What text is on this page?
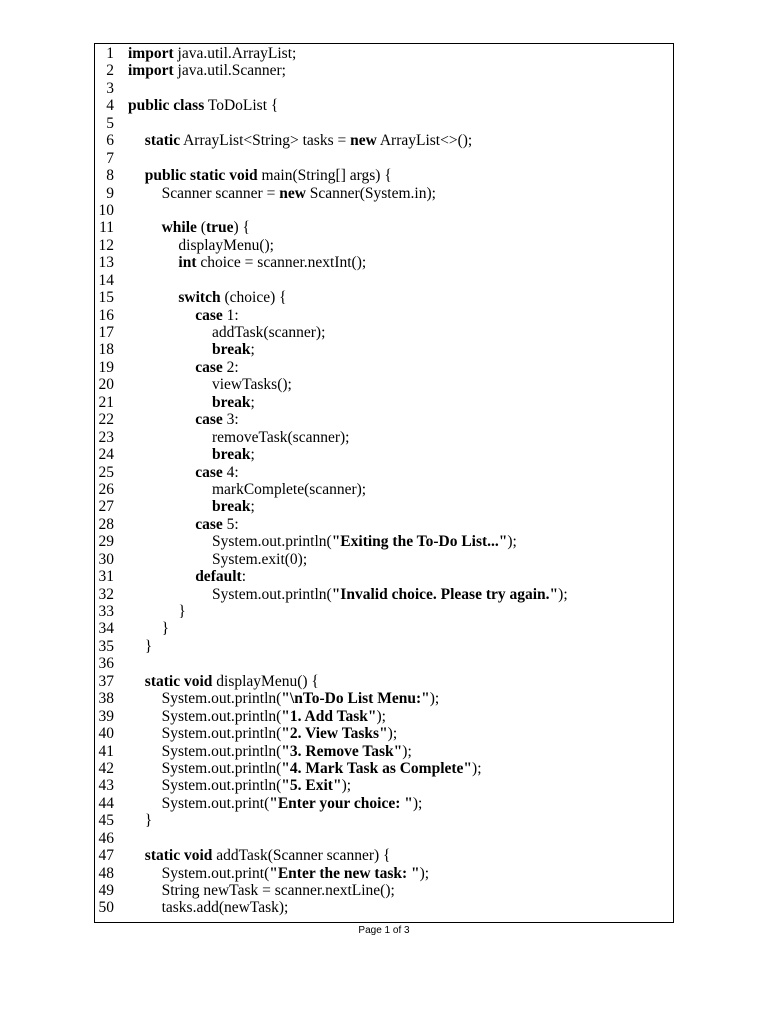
1 import java.util.ArrayList;
2 import java.util.Scanner;
3
4 public class ToDoList {
5
6 static ArrayList<String> tasks = new ArrayList<>();
7
8 public static void main(String[] args) {
9	Scanner scanner = new Scanner(System.in);
10
11	while (true) {
12	displayMenu();
13	int choice = scanner.nextInt();
14
15	switch (choice) {
16	case 1:
17	addTask(scanner);
18	break;
19	case 2:
20	viewTasks();
21	break;
22	case 3:
23	removeTask(scanner);
24	break;
25	case 4:
26	markComplete(scanner);
27	break;
28	case 5:
29	System.out.println("Exiting the To-Do List...");
30	System.exit(0);
31	default:
32	System.out.println("Invalid choice. Please try again.");
33	}
34	}
35 }
36
37 static void displayMenu() {
38	System.out.println("\nTo-Do List Menu:");
39	System.out.println("1. Add Task");
40	System.out.println("2. View Tasks");
41	System.out.println("3. Remove Task");
42	System.out.println("4. Mark Task as Complete");
43	System.out.println("5. Exit");
44	System.out.print("Enter your choice: ");
45 }
46
47 static void addTask(Scanner scanner) {
48	System.out.print("Enter the new task: ");
49	String newTask = scanner.nextLine();
50	tasks.add(newTask);
Page 1 of 3
